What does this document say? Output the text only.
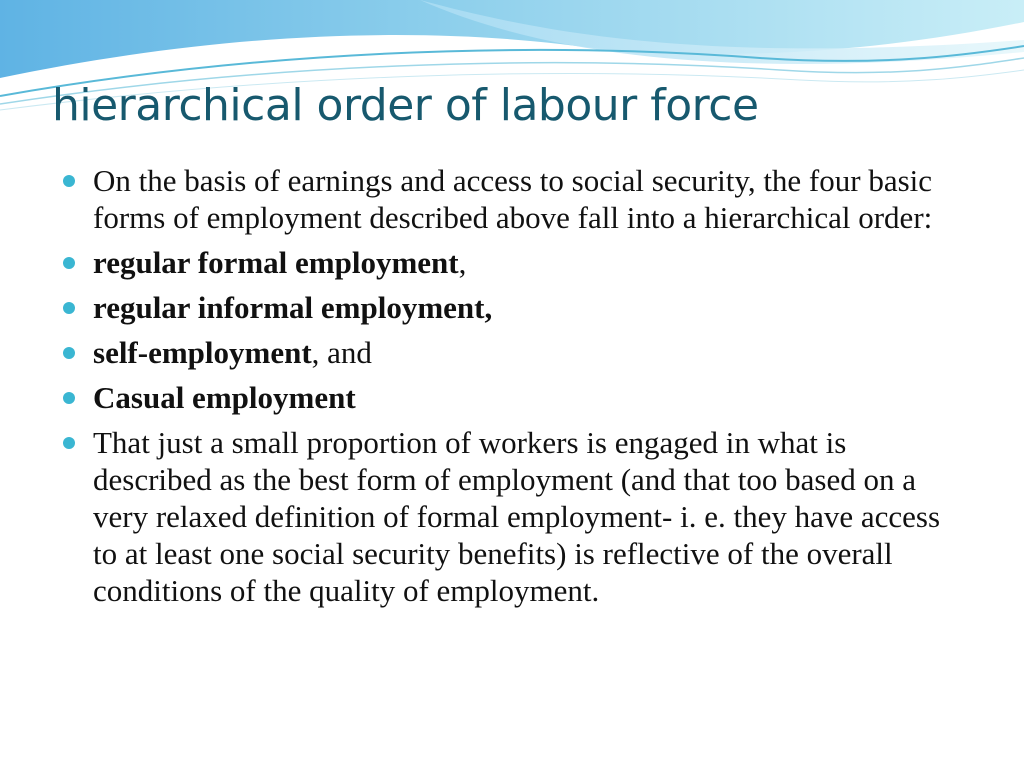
hierarchical order of labour force
On the basis of earnings and access to social security, the four basic forms of employment described above fall into a hierarchical order:
regular formal employment,
regular informal employment,
self-employment, and
Casual employment
That just a small proportion of workers is engaged in what is described as the best form of employment (and that too based on a very relaxed definition of formal employment- i. e. they have access to at least one social security benefits) is reflective of the overall conditions of the quality of employment.
